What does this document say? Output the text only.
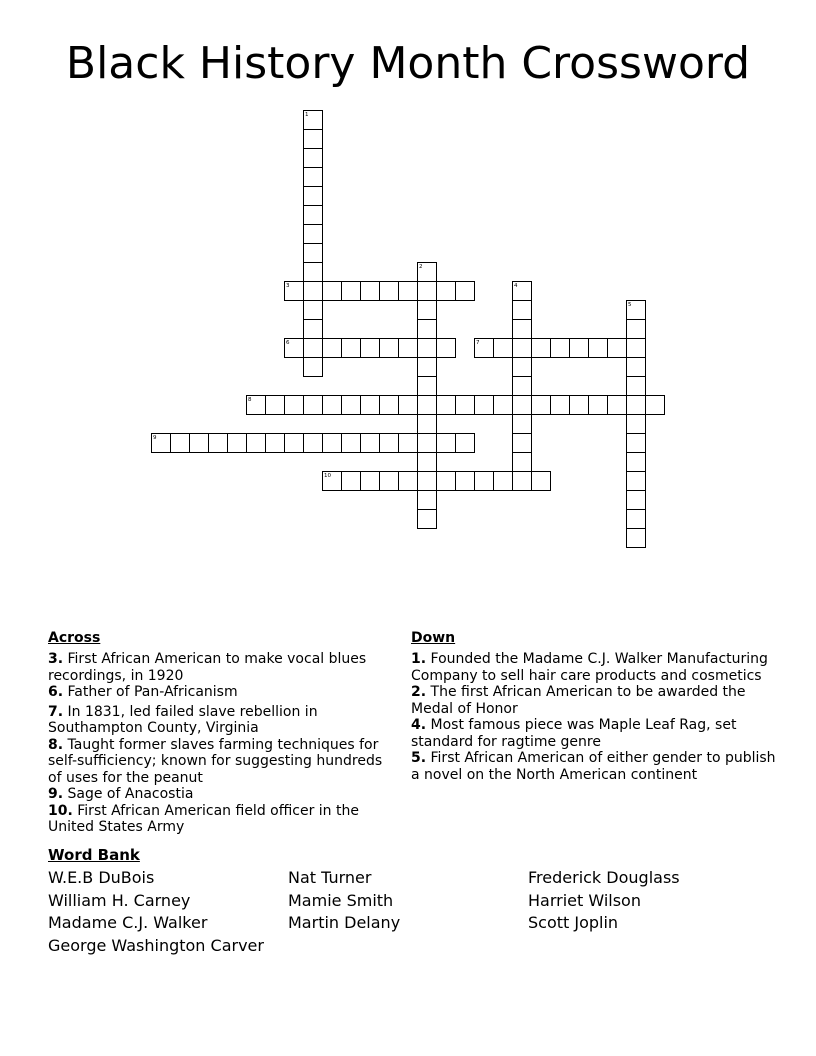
Black History Month Crossword
1
2
3	4
5
6	7
8
9
10
Across
3. First African American to make vocal blues recordings, in 1920
6. Father of Pan-Africanism
7. In 1831, led failed slave rebellion in Southampton County, Virginia
8. Taught former slaves farming techniques for self-sufficiency; known for suggesting hundreds of uses for the peanut
9. Sage of Anacostia
10. First African American field officer in the United States Army
Down
1. Founded the Madame C.J. Walker Manufacturing Company to sell hair care products and cosmetics
2. The first African American to be awarded the Medal of Honor
4. Most famous piece was Maple Leaf Rag, set standard for ragtime genre
5. First African American of either gender to publish a novel on the North American continent
Word Bank
W.E.B DuBois
William H. Carney
Madame C.J. Walker
George Washington Carver
Nat Turner
Mamie Smith
Martin Delany
Frederick Douglass
Harriet Wilson
Scott Joplin
